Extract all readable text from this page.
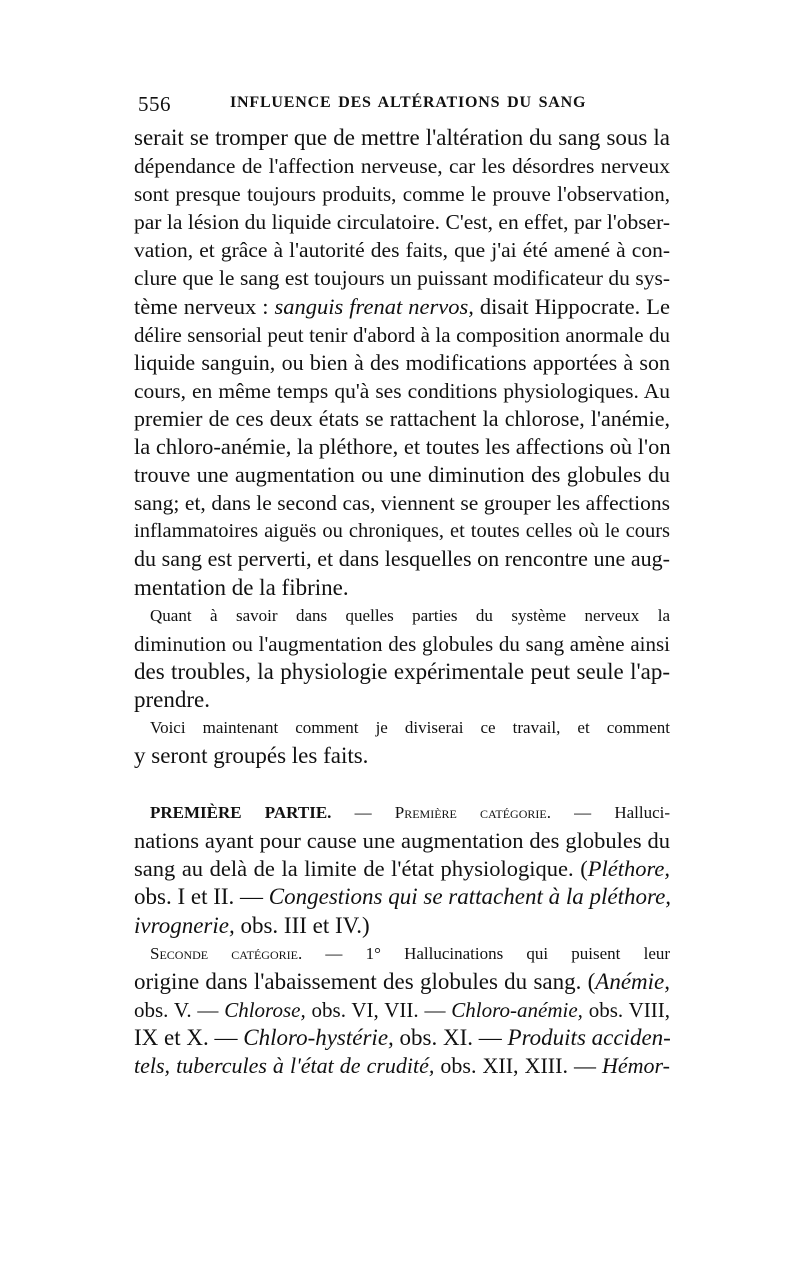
556	INFLUENCE DES ALTÉRATIONS DU SANG

serait se tromper que de mettre l'altération du sang sous la
dépendance de l'affection nerveuse, car les désordres nerveux
sont presque toujours produits, comme le prouve l'observation,
par la lésion du liquide circulatoire. C'est, en effet, par l'obser-
vation, et grâce à l'autorité des faits, que j'ai été amené à con-
clure que le sang est toujours un puissant modificateur du sys-
tème nerveux : sanguis frenat nervos, disait Hippocrate. Le
délire sensorial peut tenir d'abord à la composition anormale du
liquide sanguin, ou bien à des modifications apportées à son
cours, en même temps qu'à ses conditions physiologiques. Au
premier de ces deux états se rattachent la chlorose, l'anémie,
la chloro-anémie, la pléthore, et toutes les affections où l'on
trouve une augmentation ou une diminution des globules du
sang; et, dans le second cas, viennent se grouper les affections
inflammatoires aiguës ou chroniques, et toutes celles où le cours
du sang est perverti, et dans lesquelles on rencontre une aug-
mentation de la fibrine.

Quant à savoir dans quelles parties du système nerveux la
diminution ou l'augmentation des globules du sang amène ainsi
des troubles, la physiologie expérimentale peut seule l'ap-
prendre.

Voici maintenant comment je diviserai ce travail, et comment
y seront groupés les faits.

PREMIÈRE PARTIE. — Première catégorie. — Halluci-
nations ayant pour cause une augmentation des globules du
sang au delà de la limite de l'état physiologique. (Pléthore,
obs. I et II. — Congestions qui se rattachent à la pléthore,
ivrognerie, obs. III et IV.)

Seconde catégorie. — 1° Hallucinations qui puisent leur
origine dans l'abaissement des globules du sang. (Anémie,
obs. V. — Chlorose, obs. VI, VII. — Chloro-anémie, obs. VIII,
IX et X. — Chloro-hystérie, obs. XI. — Produits acciden-
tels, tubercules à l'état de crudité, obs. XII, XIII. — Hémor-
